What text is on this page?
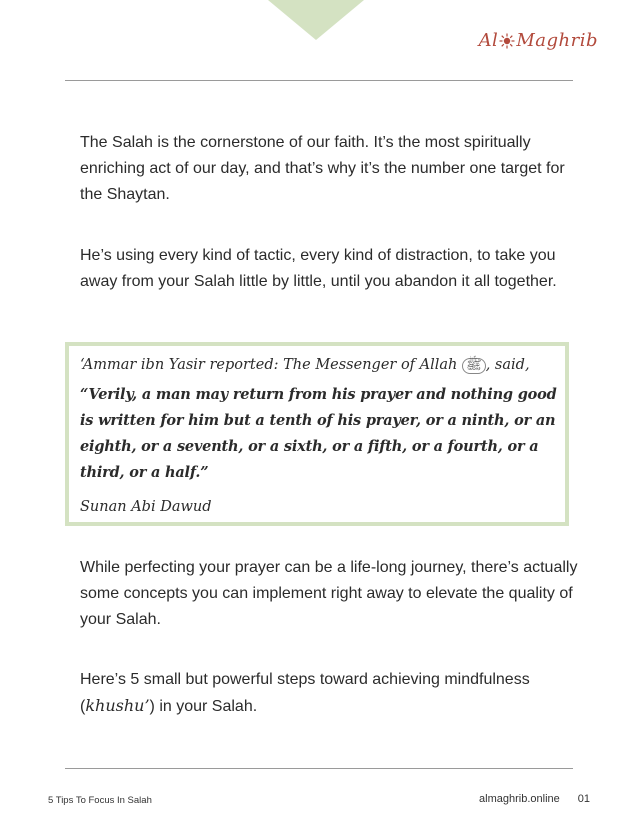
Al Maghrib

The Salah is the cornerstone of our faith. It’s the most spiritually enriching act of our day, and that’s why it’s the number one target for the Shaytan.

He’s using every kind of tactic, every kind of distraction, to take you away from your Salah little by little, until you abandon it all together.

‘Ammar ibn Yasir reported: The Messenger of Allah ﷺ , said,

“Verily, a man may return from his prayer and nothing good is written for him but a tenth of his prayer, or a ninth, or an eighth, or a seventh, or a sixth, or a fifth, or a fourth, or a third, or a half.”

Sunan Abi Dawud

While perfecting your prayer can be a life-long journey, there’s actually some concepts you can implement right away to elevate the quality of your Salah.

Here’s 5 small but powerful steps toward achieving mindfulness (khushu’) in your Salah.

5 Tips To Focus In Salah	almaghrib.online 01
